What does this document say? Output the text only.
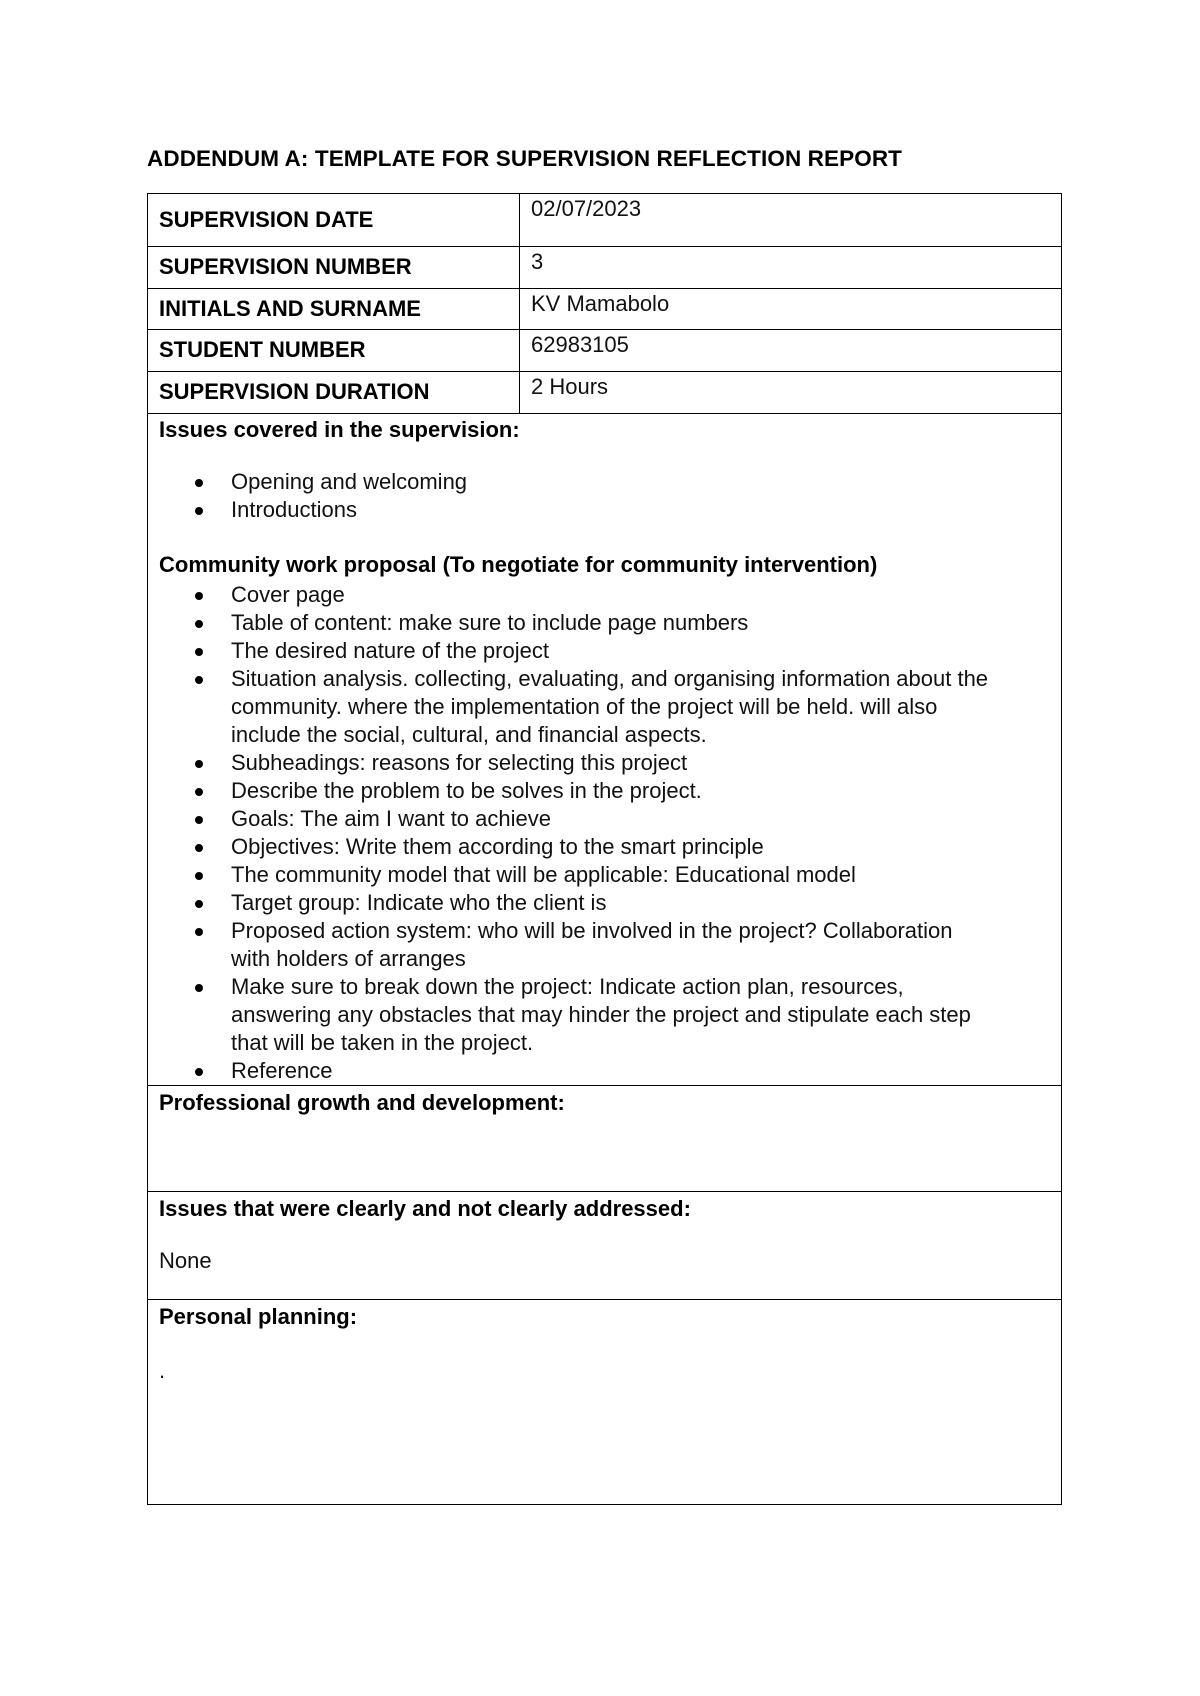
ADDENDUM A: TEMPLATE FOR SUPERVISION REFLECTION REPORT
SUPERVISION DATE	02/07/2023
SUPERVISION NUMBER	3
INITIALS AND SURNAME	KV Mamabolo
STUDENT NUMBER	62983105
SUPERVISION DURATION	2 Hours
Issues covered in the supervision:
Opening and welcoming
Introductions
Community work proposal (To negotiate for community intervention)
Cover page
Table of content: make sure to include page numbers
The desired nature of the project
Situation analysis. collecting, evaluating, and organising information about the community. where the implementation of the project will be held. will also include the social, cultural, and financial aspects.
Subheadings: reasons for selecting this project
Describe the problem to be solves in the project.
Goals: The aim I want to achieve
Objectives: Write them according to the smart principle
The community model that will be applicable: Educational model
Target group: Indicate who the client is
Proposed action system: who will be involved in the project? Collaboration with holders of arranges
Make sure to break down the project: Indicate action plan, resources, answering any obstacles that may hinder the project and stipulate each step that will be taken in the project.
Reference
Professional growth and development:
Issues that were clearly and not clearly addressed:
None
Personal planning:
.
